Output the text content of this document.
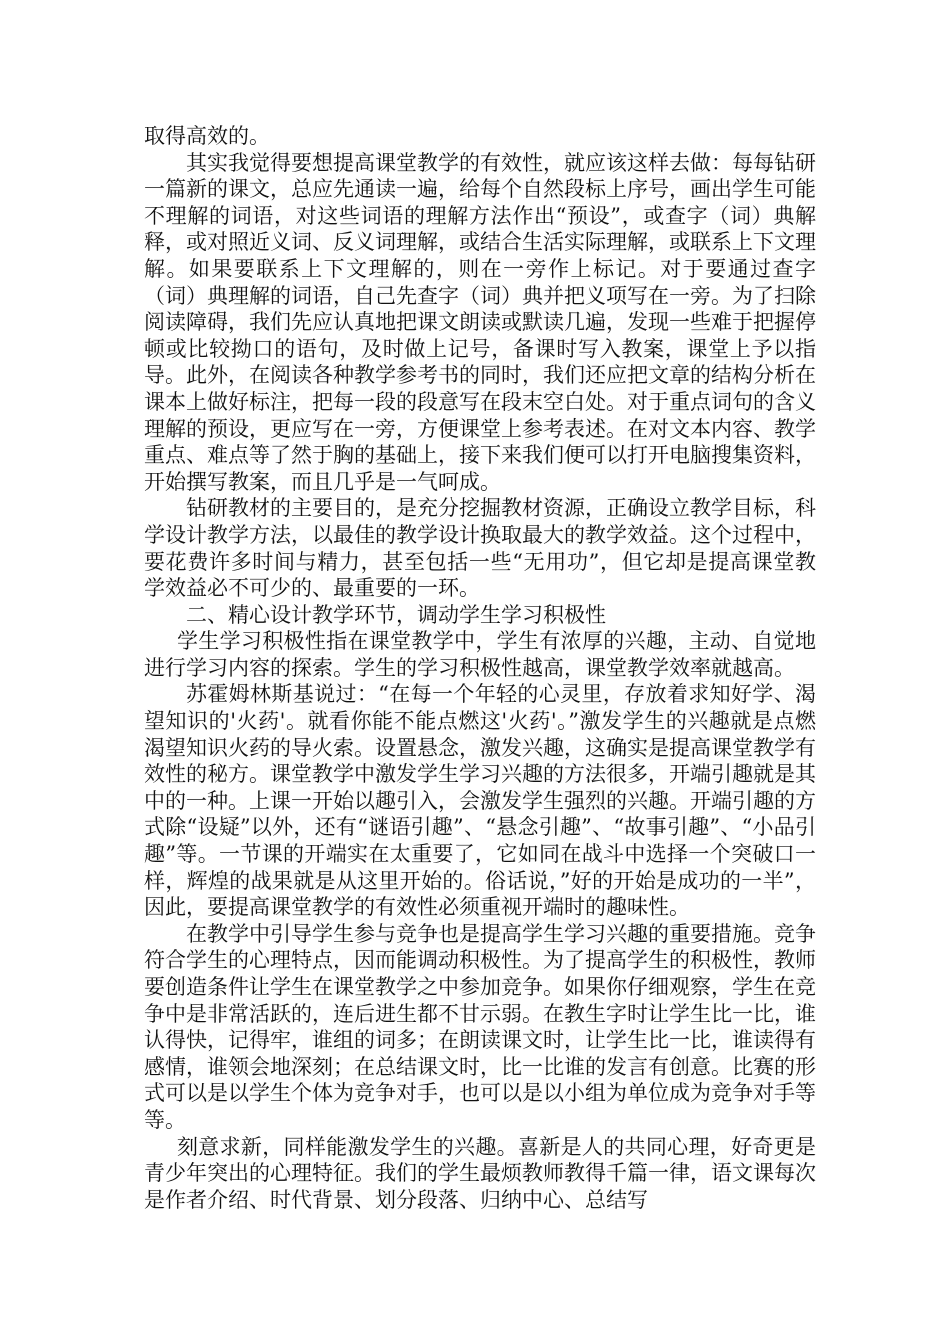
取得高效的。

其实我觉得要想提高课堂教学的有效性，就应该这样去做：每每钻研一篇新的课文，总应先通读一遍，给每个自然段标上序号，画出学生可能不理解的词语，对这些词语的理解方法作出“预设”，或查字（词）典解释，或对照近义词、反义词理解，或结合生活实际理解，或联系上下文理解。如果要联系上下文理解的，则在一旁作上标记。对于要通过查字（词）典理解的词语，自己先查字（词）典并把义项写在一旁。为了扫除阅读障碍，我们先应认真地把课文朗读或默读几遍，发现一些难于把握停顿或比较拗口的语句，及时做上记号，备课时写入教案，课堂上予以指导。此外，在阅读各种教学参考书的同时，我们还应把文章的结构分析在课本上做好标注，把每一段的段意写在段末空白处。对于重点词句的含义理解的预设，更应写在一旁，方便课堂上参考表述。在对文本内容、教学重点、难点等了然于胸的基础上，接下来我们便可以打开电脑搜集资料，开始撰写教案，而且几乎是一气呵成。

钻研教材的主要目的，是充分挖掘教材资源，正确设立教学目标，科学设计教学方法，以最佳的教学设计换取最大的教学效益。这个过程中，要花费许多时间与精力，甚至包括一些“无用功”，但它却是提高课堂教学效益必不可少的、最重要的一环。

二、精心设计教学环节，调动学生学习积极性

学生学习积极性指在课堂教学中，学生有浓厚的兴趣，主动、自觉地进行学习内容的探索。学生的学习积极性越高，课堂教学效率就越高。

苏霍姆林斯基说过：“在每一个年轻的心灵里，存放着求知好学、渴望知识的'火药'。就看你能不能点燃这'火药'。”激发学生的兴趣就是点燃渴望知识火药的导火索。设置悬念，激发兴趣，这确实是提高课堂教学有效性的秘方。课堂教学中激发学生学习兴趣的方法很多，开端引趣就是其中的一种。上课一开始以趣引入，会激发学生强烈的兴趣。开端引趣的方式除“设疑”以外，还有“谜语引趣”、“悬念引趣”、“故事引趣”、“小品引趣”等。一节课的开端实在太重要了，它如同在战斗中选择一个突破口一样，辉煌的战果就是从这里开始的。俗话说，”好的开始是成功的一半”，因此，要提高课堂教学的有效性必须重视开端时的趣味性。

在教学中引导学生参与竞争也是提高学生学习兴趣的重要措施。竞争符合学生的心理特点，因而能调动积极性。为了提高学生的积极性，教师要创造条件让学生在课堂教学之中参加竞争。如果你仔细观察，学生在竞争中是非常活跃的，连后进生都不甘示弱。在教生字时让学生比一比，谁认得快，记得牢，谁组的词多；在朗读课文时，让学生比一比，谁读得有感情，谁领会地深刻；在总结课文时，比一比谁的发言有创意。比赛的形式可以是以学生个体为竞争对手，也可以是以小组为单位成为竞争对手等等。

刻意求新，同样能激发学生的兴趣。喜新是人的共同心理，好奇更是青少年突出的心理特征。我们的学生最烦教师教得千篇一律，语文课每次是作者介绍、时代背景、划分段落、归纳中心、总结写
